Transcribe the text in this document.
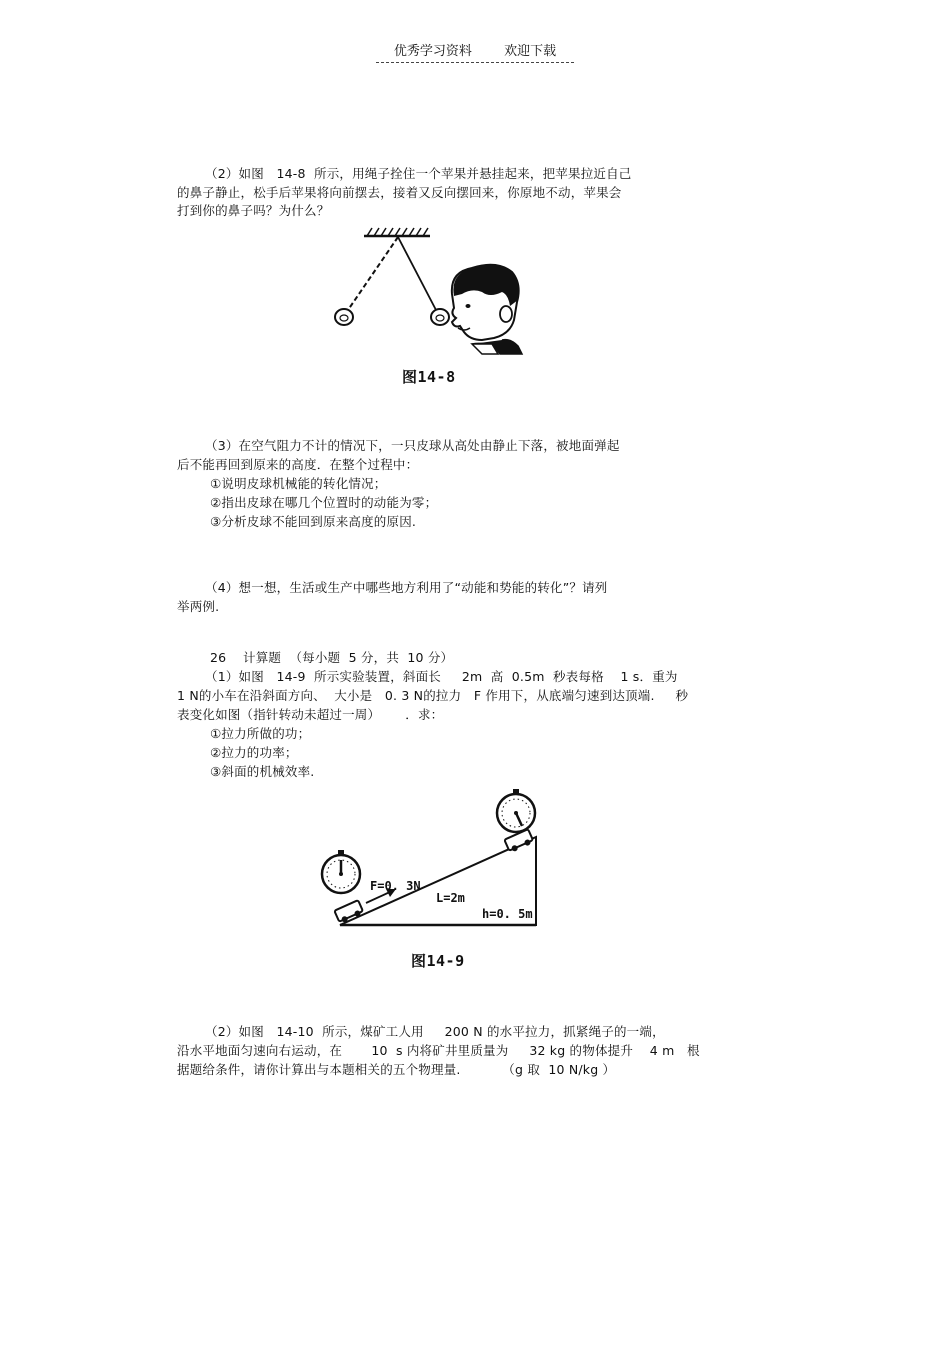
优秀学习资料 欢迎下载
（2）如图   14-8  所示，用绳子拴住一个苹果并悬挂起来，把苹果拉近自己
的鼻子静止，松手后苹果将向前摆去，接着又反向摆回来，你原地不动，苹果会
打到你的鼻子吗？为什么？
图14-8
（3）在空气阻力不计的情况下，一只皮球从高处由静止下落，被地面弹起
后不能再回到原来的高度．在整个过程中：
①说明皮球机械能的转化情况；
②指出皮球在哪几个位置时的动能为零；
③分析皮球不能回到原来高度的原因.
（4）想一想，生活或生产中哪些地方利用了“动能和势能的转化”？请列
举两例.
26    计算题  （每小题  5 分，共  10 分）
（1）如图   14-9  所示实验装置，斜面长     2m  高  0.5m  秒表每格    1 s．重为
1 N的小车在沿斜面方向、  大小是   0. 3 N的拉力   F 作用下，从底端匀速到达顶端.     秒
表变化如图（指针转动未超过一周）      ．求：
①拉力所做的功；
②拉力的功率；
③斜面的机械效率.
F=0. 3N
L=2m
h=0. 5m
图14-9
（2）如图   14-10  所示，煤矿工人用     200 N 的水平拉力，抓紧绳子的一端，
沿水平地面匀速向右运动，在       10  s 内将矿井里质量为     32 kg 的物体提升    4 m   根
据题给条件，请你计算出与本题相关的五个物理量.          （g 取  10 N/kg ）
